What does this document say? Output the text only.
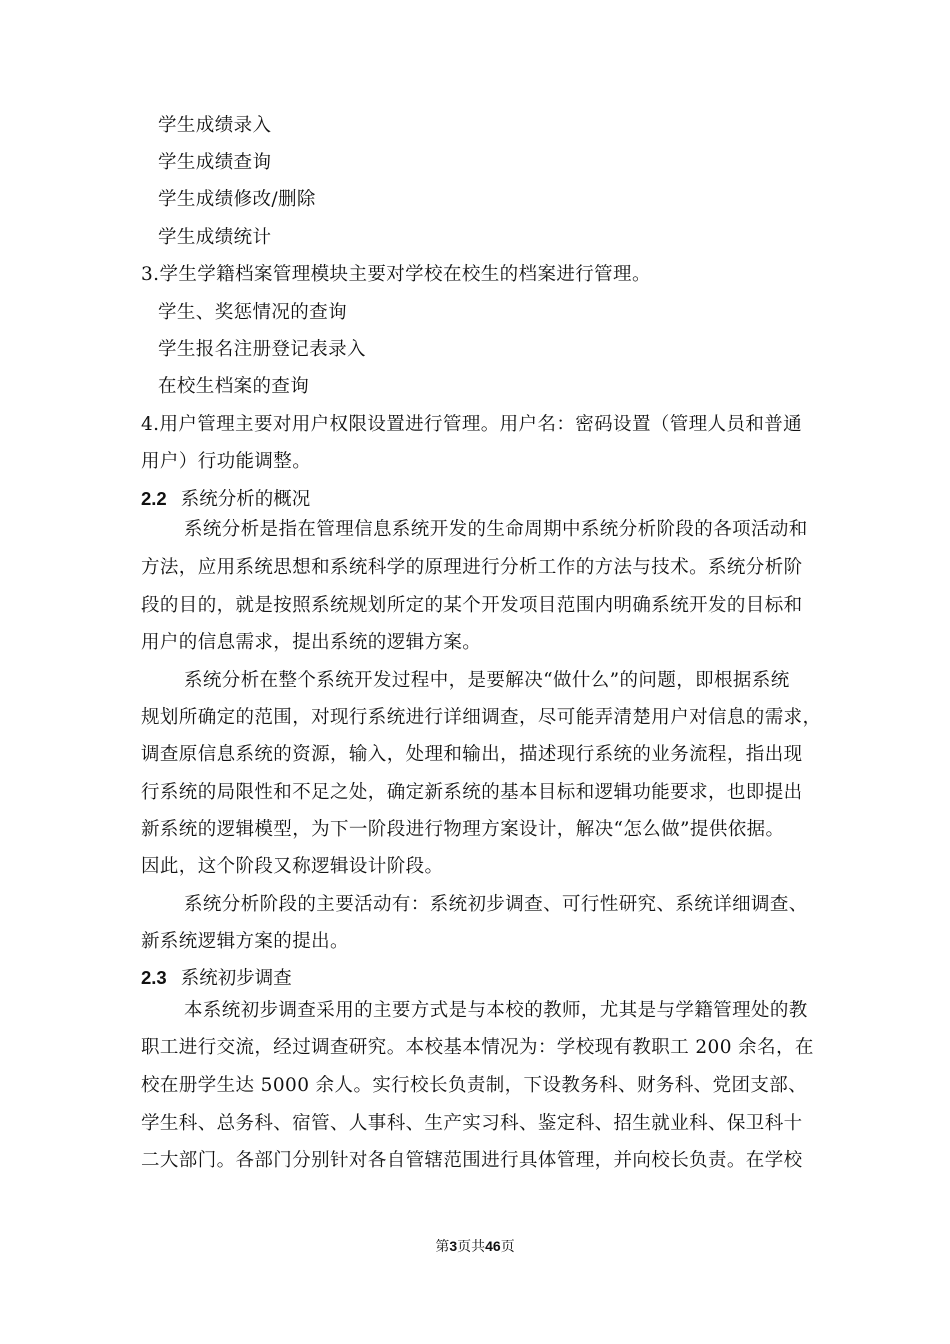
学生成绩录入
学生成绩查询
学生成绩修改/删除
学生成绩统计
3.学生学籍档案管理模块主要对学校在校生的档案进行管理。
学生、奖惩情况的查询
学生报名注册登记表录入
在校生档案的查询
4.用户管理主要对用户权限设置进行管理。用户名：密码设置（管理人员和普通
用户）行功能调整。
2.2 系统分析的概况
系统分析是指在管理信息系统开发的生命周期中系统分析阶段的各项活动和
方法，应用系统思想和系统科学的原理进行分析工作的方法与技术。系统分析阶
段的目的，就是按照系统规划所定的某个开发项目范围内明确系统开发的目标和
用户的信息需求，提出系统的逻辑方案。
系统分析在整个系统开发过程中，是要解决“做什么”的问题，即根据系统
规划所确定的范围，对现行系统进行详细调查，尽可能弄清楚用户对信息的需求，
调查原信息系统的资源，输入，处理和输出，描述现行系统的业务流程，指出现
行系统的局限性和不足之处，确定新系统的基本目标和逻辑功能要求，也即提出
新系统的逻辑模型，为下一阶段进行物理方案设计，解决“怎么做”提供依据。
因此，这个阶段又称逻辑设计阶段。
系统分析阶段的主要活动有：系统初步调查、可行性研究、系统详细调查、
新系统逻辑方案的提出。
2.3 系统初步调查
本系统初步调查采用的主要方式是与本校的教师，尤其是与学籍管理处的教
职工进行交流，经过调查研究。本校基本情况为：学校现有教职工 200 余名，在
校在册学生达 5000 余人。实行校长负责制，下设教务科、财务科、党团支部、
学生科、总务科、宿管、人事科、生产实习科、鉴定科、招生就业科、保卫科十
二大部门。各部门分别针对各自管辖范围进行具体管理，并向校长负责。在学校
第3页共46页
